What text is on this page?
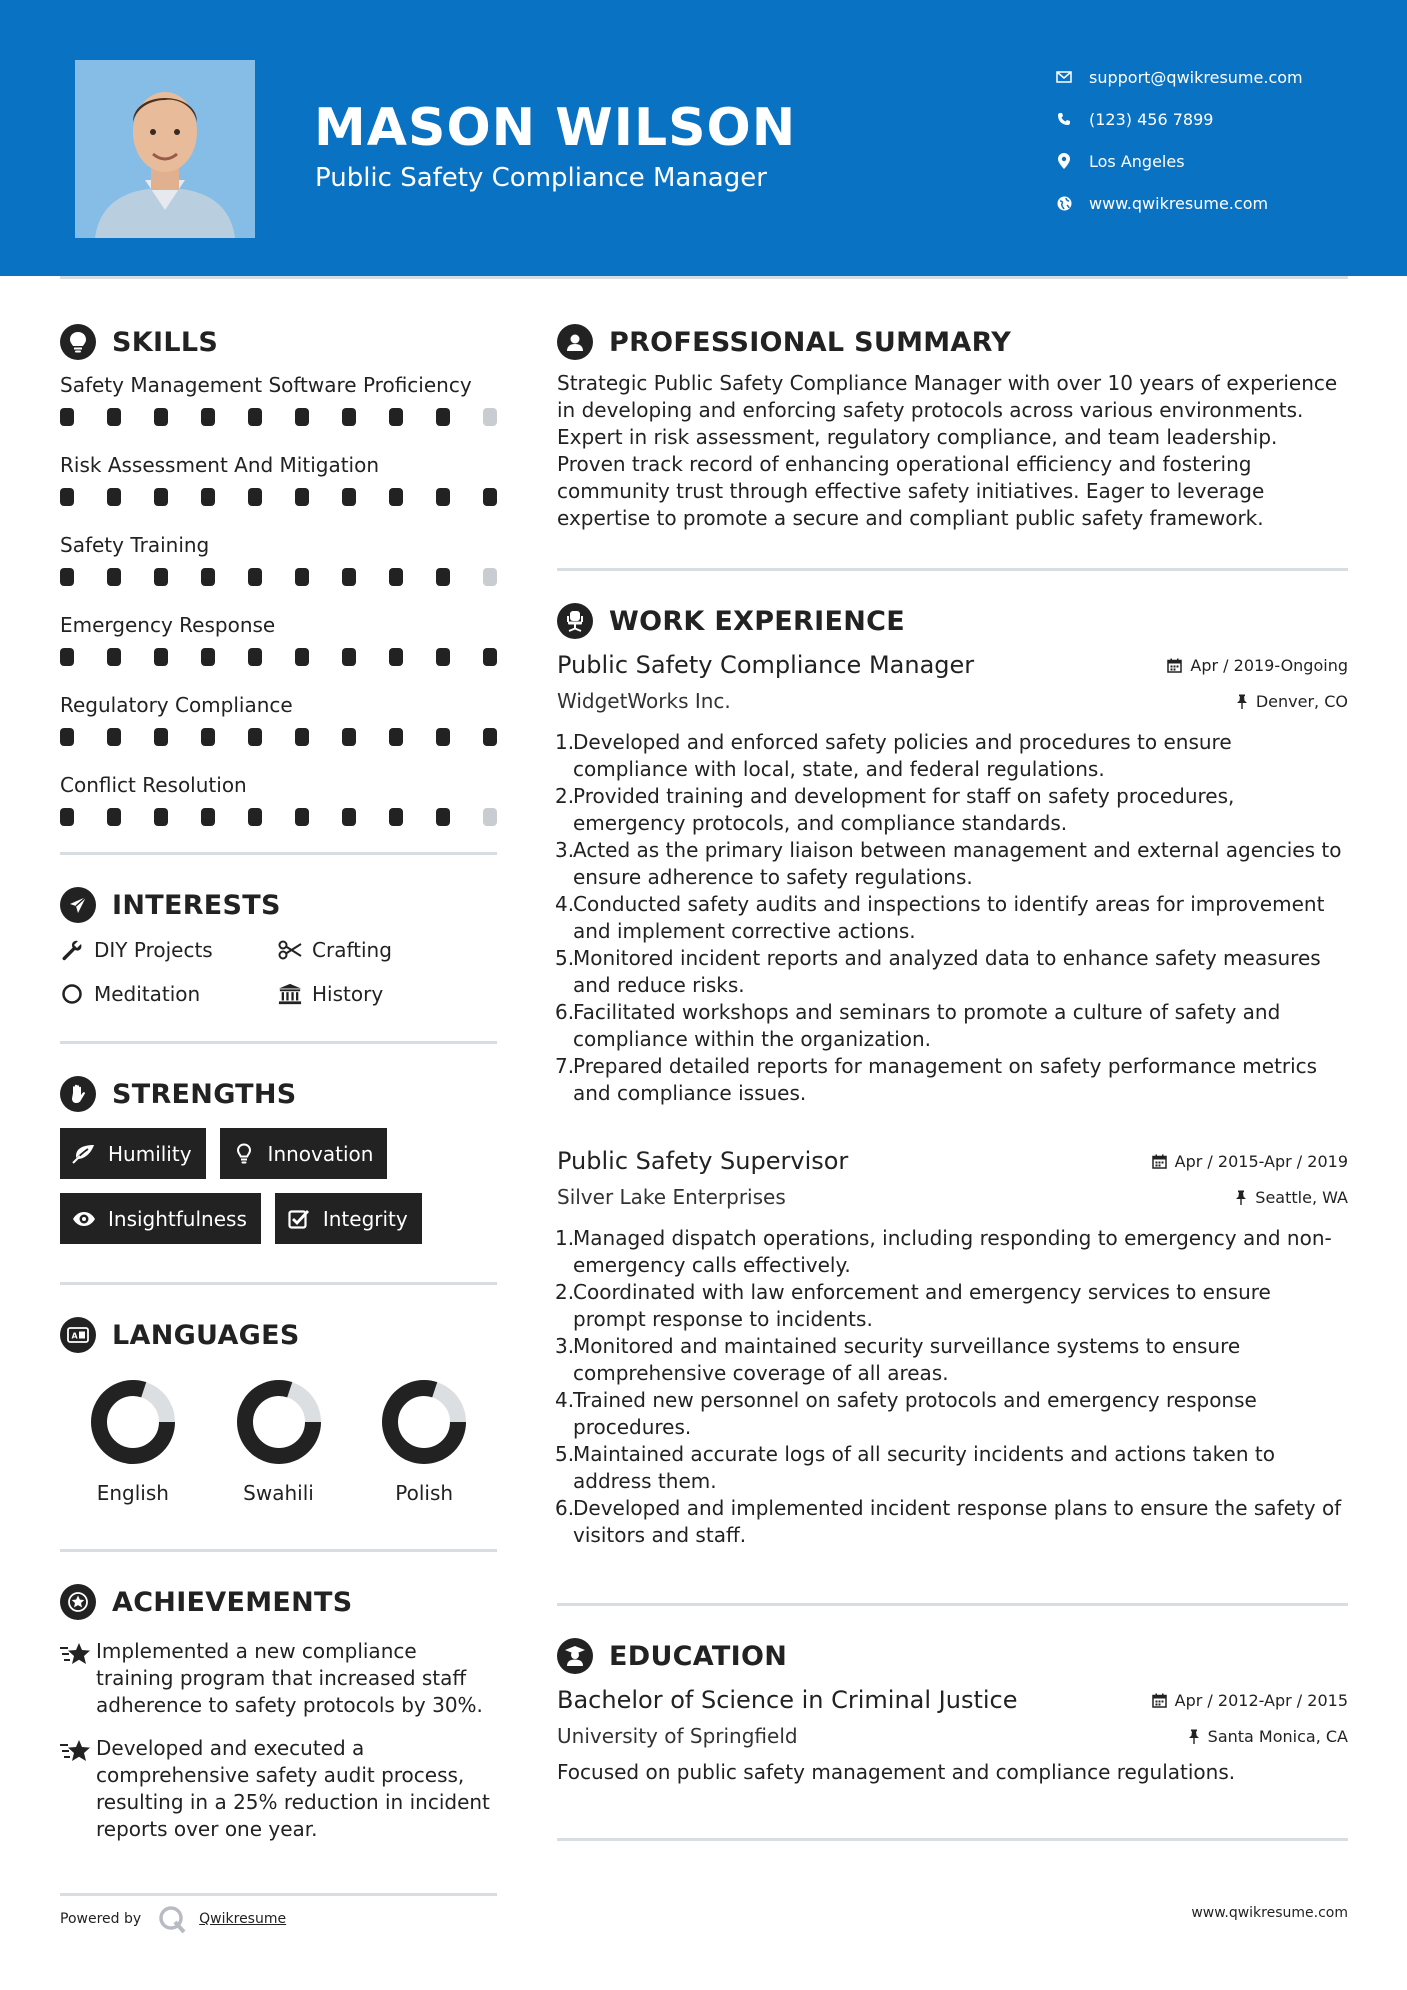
MASON WILSON
Public Safety Compliance Manager
support@qwikresume.com
(123) 456 7899
Los Angeles
www.qwikresume.com
SKILLS
Safety Management Software Proficiency
Risk Assessment And Mitigation
Safety Training
Emergency Response
Regulatory Compliance
Conflict Resolution
INTERESTS
DIY Projects	Crafting
Meditation	History
STRENGTHS
Humility	Innovation
Insightfulness	Integrity
A LANGUAGES
English	Swahili	Polish
ACHIEVEMENTS
Implemented a new compliance training program that increased staff adherence to safety protocols by 30%.
Developed and executed a comprehensive safety audit process, resulting in a 25% reduction in incident reports over one year.
PROFESSIONAL SUMMARY

Strategic Public Safety Compliance Manager with over 10 years of experience in developing and enforcing safety protocols across various environments. Expert in risk assessment, regulatory compliance, and team leadership. Proven track record of enhancing operational efficiency and fostering community trust through effective safety initiatives. Eager to leverage expertise to promote a secure and compliant public safety framework.

WORK EXPERIENCE
Public Safety Compliance Manager	Apr / 2019-Ongoing
WidgetWorks Inc.	Denver, CO
1.
Developed and enforced safety policies and procedures to ensure compliance with local, state, and federal regulations.
2.
Provided training and development for staff on safety procedures, emergency protocols, and compliance standards.
3.
Acted as the primary liaison between management and external agencies to ensure adherence to safety regulations.
4.
Conducted safety audits and inspections to identify areas for improvement and implement corrective actions.
5.
Monitored incident reports and analyzed data to enhance safety measures and reduce risks.
6.
Facilitated workshops and seminars to promote a culture of safety and compliance within the organization.
7.
Prepared detailed reports for management on safety performance metrics and compliance issues.
Public Safety Supervisor	Apr / 2015-Apr / 2019
Silver Lake Enterprises	Seattle, WA
1.
Managed dispatch operations, including responding to emergency and non-emergency calls effectively.
2.
Coordinated with law enforcement and emergency services to ensure prompt response to incidents.
3.
Monitored and maintained security surveillance systems to ensure comprehensive coverage of all areas.
4.
Trained new personnel on safety protocols and emergency response procedures.
5.
Maintained accurate logs of all security incidents and actions taken to address them.
6.
Developed and implemented incident response plans to ensure the safety of visitors and staff.
EDUCATION
Bachelor of Science in Criminal Justice	Apr / 2012-Apr / 2015
University of Springfield	Santa Monica, CA

Focused on public safety management and compliance regulations.

Powered by	Qwikresume	www.qwikresume.com
